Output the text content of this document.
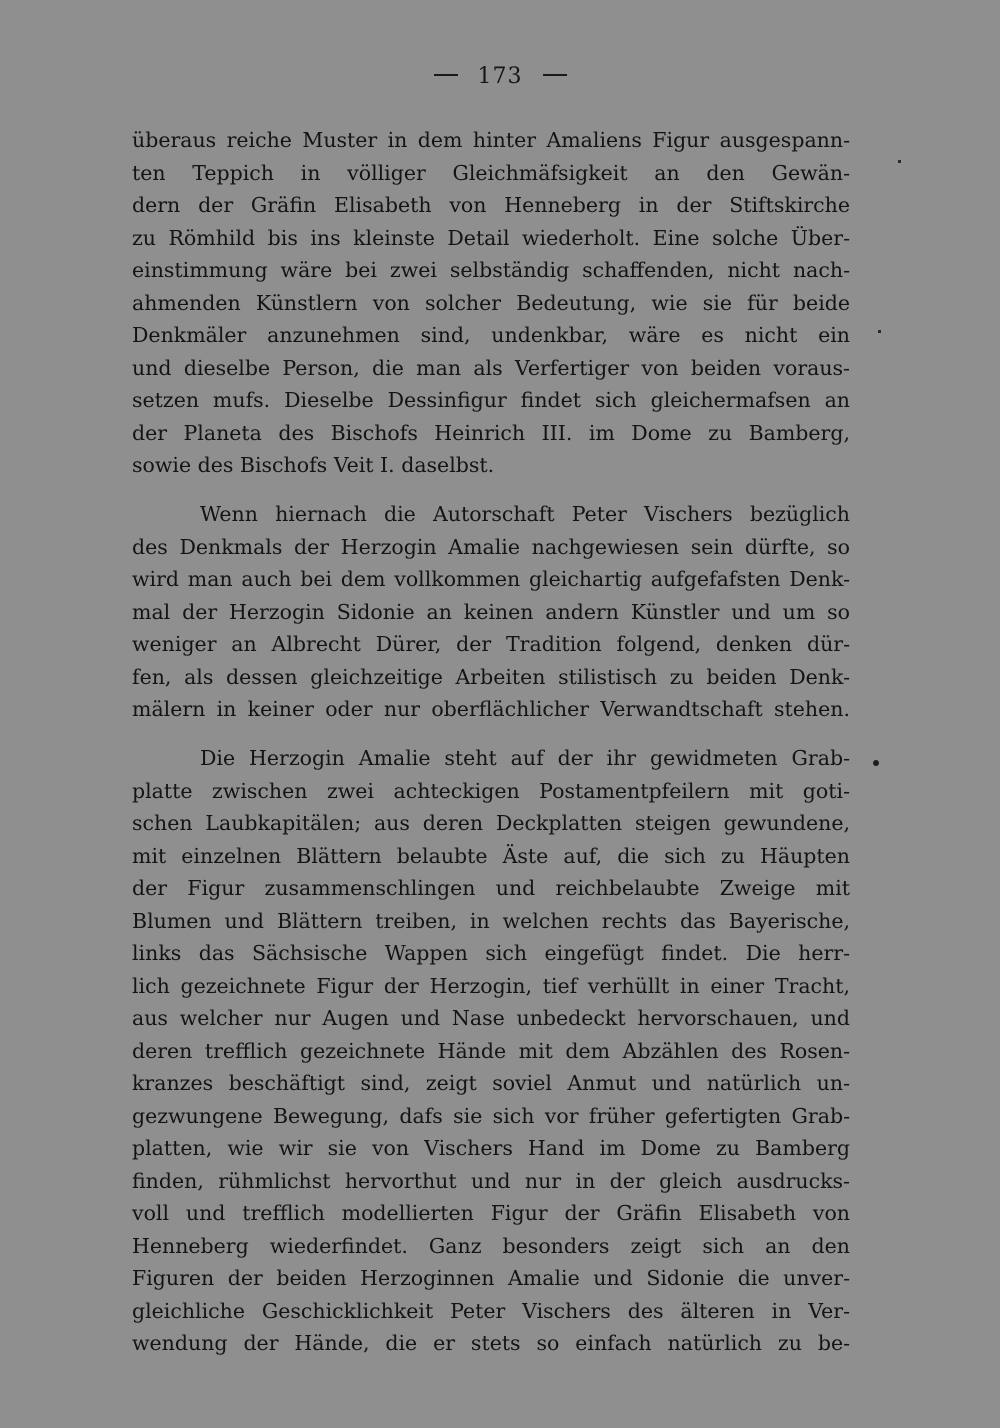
173
überaus reiche Muster in dem hinter Amaliens Figur ausgespann-
ten Teppich in völliger Gleichmäfsigkeit an den Gewän-
dern der Gräfin Elisabeth von Henneberg in der Stiftskirche
zu Römhild bis ins kleinste Detail wiederholt. Eine solche Über-
einstimmung wäre bei zwei selbständig schaffenden, nicht nach-
ahmenden Künstlern von solcher Bedeutung, wie sie für beide
Denkmäler anzunehmen sind, undenkbar, wäre es nicht ein
und dieselbe Person, die man als Verfertiger von beiden voraus-
setzen mufs. Dieselbe Dessinfigur findet sich gleichermafsen an
der Planeta des Bischofs Heinrich III. im Dome zu Bamberg,
sowie des Bischofs Veit I. daselbst.
Wenn hiernach die Autorschaft Peter Vischers bezüglich
des Denkmals der Herzogin Amalie nachgewiesen sein dürfte, so
wird man auch bei dem vollkommen gleichartig aufgefafsten Denk-
mal der Herzogin Sidonie an keinen andern Künstler und um so
weniger an Albrecht Dürer, der Tradition folgend, denken dür-
fen, als dessen gleichzeitige Arbeiten stilistisch zu beiden Denk-
mälern in keiner oder nur oberflächlicher Verwandtschaft stehen.
Die Herzogin Amalie steht auf der ihr gewidmeten Grab-
platte zwischen zwei achteckigen Postamentpfeilern mit goti-
schen Laubkapitälen; aus deren Deckplatten steigen gewundene,
mit einzelnen Blättern belaubte Äste auf, die sich zu Häupten
der Figur zusammenschlingen und reichbelaubte Zweige mit
Blumen und Blättern treiben, in welchen rechts das Bayerische,
links das Sächsische Wappen sich eingefügt findet. Die herr-
lich gezeichnete Figur der Herzogin, tief verhüllt in einer Tracht,
aus welcher nur Augen und Nase unbedeckt hervorschauen, und
deren trefflich gezeichnete Hände mit dem Abzählen des Rosen-
kranzes beschäftigt sind, zeigt soviel Anmut und natürlich un-
gezwungene Bewegung, dafs sie sich vor früher gefertigten Grab-
platten, wie wir sie von Vischers Hand im Dome zu Bamberg
finden, rühmlichst hervorthut und nur in der gleich ausdrucks-
voll und trefflich modellierten Figur der Gräfin Elisabeth von
Henneberg wiederfindet. Ganz besonders zeigt sich an den
Figuren der beiden Herzoginnen Amalie und Sidonie die unver-
gleichliche Geschicklichkeit Peter Vischers des älteren in Ver-
wendung der Hände, die er stets so einfach natürlich zu be-
